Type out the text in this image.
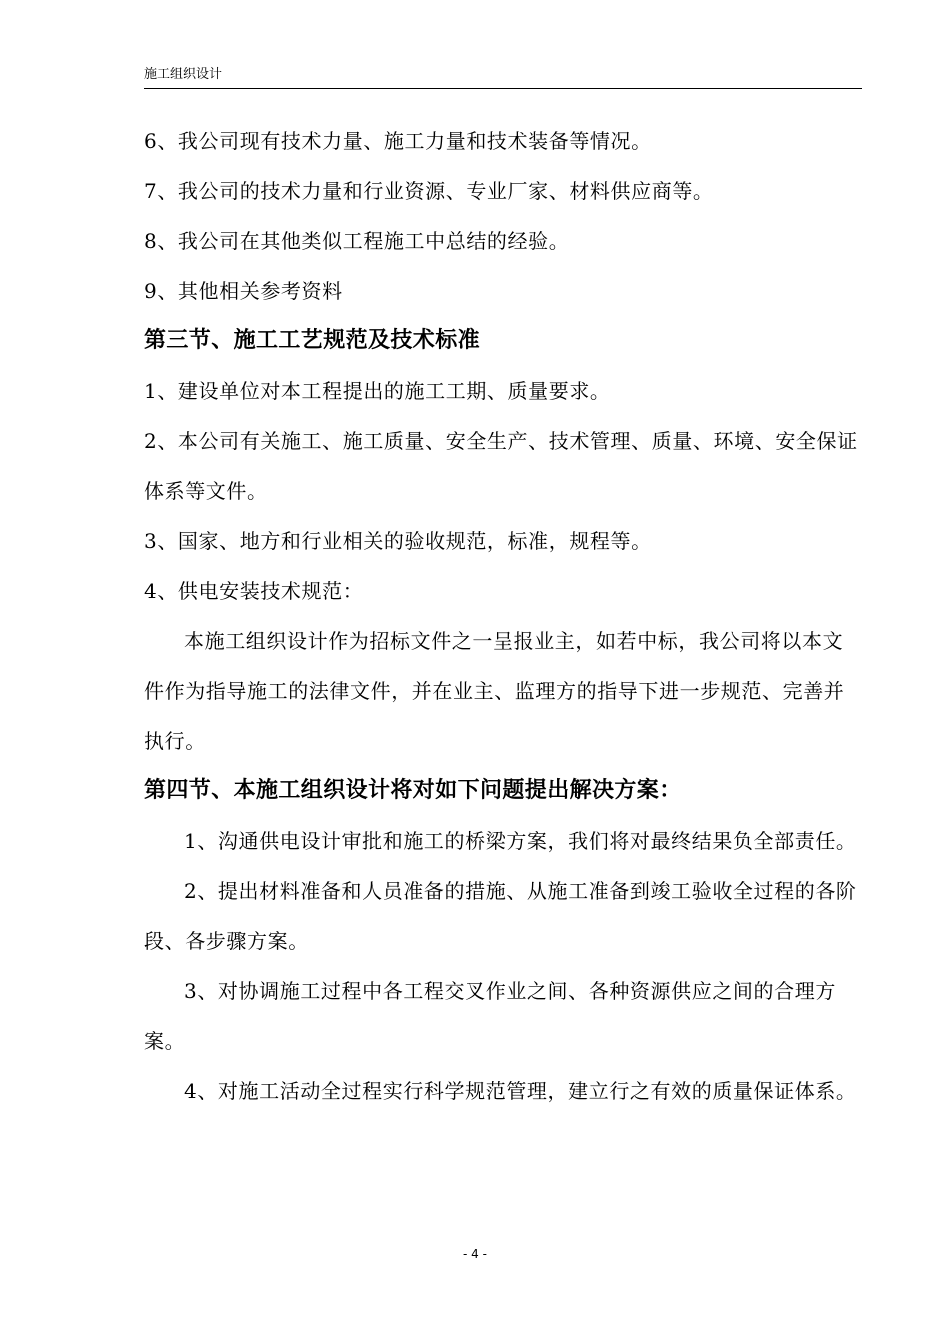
施工组织设计

6、我公司现有技术力量、施工力量和技术装备等情况。

7、我公司的技术力量和行业资源、专业厂家、材料供应商等。

8、我公司在其他类似工程施工中总结的经验。

9、其他相关参考资料

第三节、施工工艺规范及技术标准

1、建设单位对本工程提出的施工工期、质量要求。

2、本公司有关施工、施工质量、安全生产、技术管理、质量、环境、安全保证体系等文件。

3、国家、地方和行业相关的验收规范，标准，规程等。

4、供电安装技术规范：

本施工组织设计作为招标文件之一呈报业主，如若中标，我公司将以本文件作为指导施工的法律文件，并在业主、监理方的指导下进一步规范、完善并执行。

第四节、本施工组织设计将对如下问题提出解决方案：

1、沟通供电设计审批和施工的桥梁方案，我们将对最终结果负全部责任。

2、提出材料准备和人员准备的措施、从施工准备到竣工验收全过程的各阶段、各步骤方案。

3、对协调施工过程中各工程交叉作业之间、各种资源供应之间的合理方案。

4、对施工活动全过程实行科学规范管理，建立行之有效的质量保证体系。

- 4 -
